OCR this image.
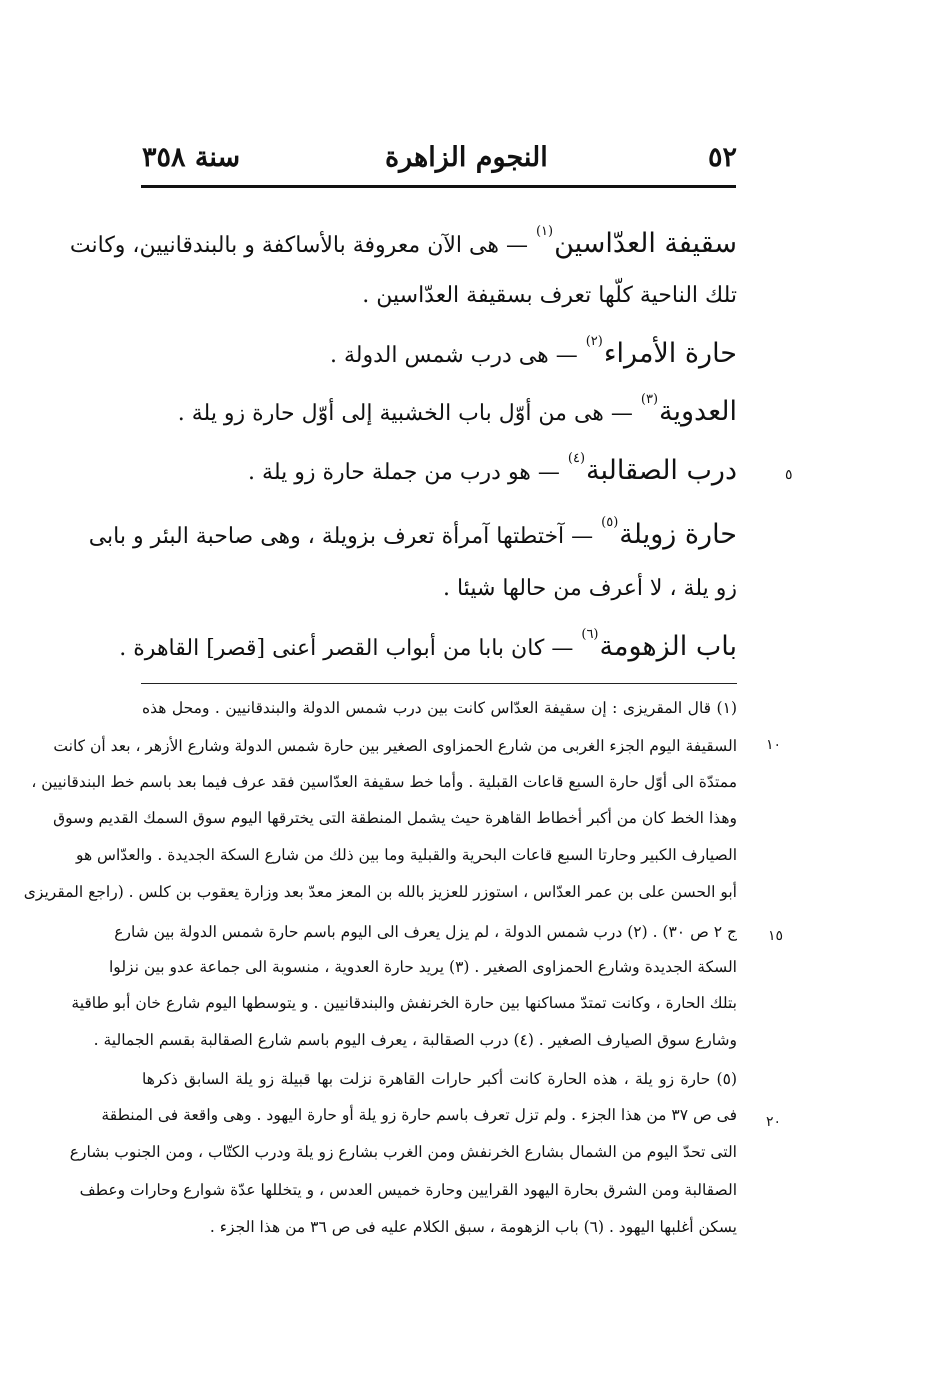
٥٢
النجوم الزاهرة
سنة ٣٥٨
سقيفة العدّاسين$^{(١)}$ — هى الآن معروفة بالأساكفة و بالبندقانيين، وكانت
تلك الناحية كلّها تعرف بسقيفة العدّاسين .
حارة الأمراء$^{(٢)}$ — هى درب شمس الدولة .
العدوية$^{(٣)}$ — هى من أوّل باب الخشبية إلى أوّل حارة زو يلة .
درب الصقالبة$^{(٤)}$ — هو درب من جملة حارة زو يلة .	٥
حارة زويلة$^{(٥)}$ — آختطتها آمرأة تعرف بزويلة ، وهى صاحبة البئر و بابى
زو يلة ، لا أعرف من حالها شيئا .
باب الزهومة$^{(٦)}$ — كان بابا من أبواب القصر أعنى [قصر] القاهرة .
(١) قال المقريزى : إن سقيفة العدّاس كانت بين درب شمس الدولة والبندقانيين . ومحل هذه
السقيفة اليوم الجزء الغربى من شارع الحمزاوى الصغير بين حارة شمس الدولة وشارع الأزهر ، بعد أن كانت
ممتدّة الى أوّل حارة السبع قاعات القبلية . وأما خط سقيفة العدّاسين فقد عرف فيما بعد باسم خط البندقانيين ،
وهذا الخط كان من أكبر أخطاط القاهرة حيث يشمل المنطقة التى يخترقها اليوم سوق السمك القديم وسوق
الصيارف الكبير وحارتا السبع قاعات البحرية والقبلية وما بين ذلك من شارع السكة الجديدة . والعدّاس هو
أبو الحسن على بن عمر العدّاس ، استوزر للعزيز بالله بن المعز معدّ بعد وزارة يعقوب بن كلس . (راجع المقريزى
ج ٢ ص ٣٠) . (٢) درب شمس الدولة ، لم يزل يعرف الى اليوم باسم حارة شمس الدولة بين شارع
السكة الجديدة وشارع الحمزاوى الصغير . (٣) يريد حارة العدوية ، منسوبة الى جماعة عدو بين نزلوا
بتلك الحارة ، وكانت تمتدّ مساكنها بين حارة الخرنفش والبندقانيين . و يتوسطها اليوم شارع خان أبو طاقية
وشارع سوق الصيارف الصغير . (٤) درب الصقالبة ، يعرف اليوم باسم شارع الصقالبة بقسم الجمالية .
(٥) حارة زو يلة ، هذه الحارة كانت أكبر حارات القاهرة نزلت بها قبيلة زو يلة السابق ذكرها
فى ص ٣٧ من هذا الجزء . ولم تزل تعرف باسم حارة زو يلة أو حارة اليهود . وهى واقعة فى المنطقة
التى تحدّ اليوم من الشمال بشارع الخرنفش ومن الغرب بشارع زو يلة ودرب الكتّاب ، ومن الجنوب بشارع
الصقالبة ومن الشرق بحارة اليهود القرايين وحارة خميس العدس ، و يتخللها عدّة شوارع وحارات وعطف
يسكن أغلبها اليهود . (٦) باب الزهومة ، سبق الكلام عليه فى ص ٣٦ من هذا الجزء .
١٠
١٥
٢٠
